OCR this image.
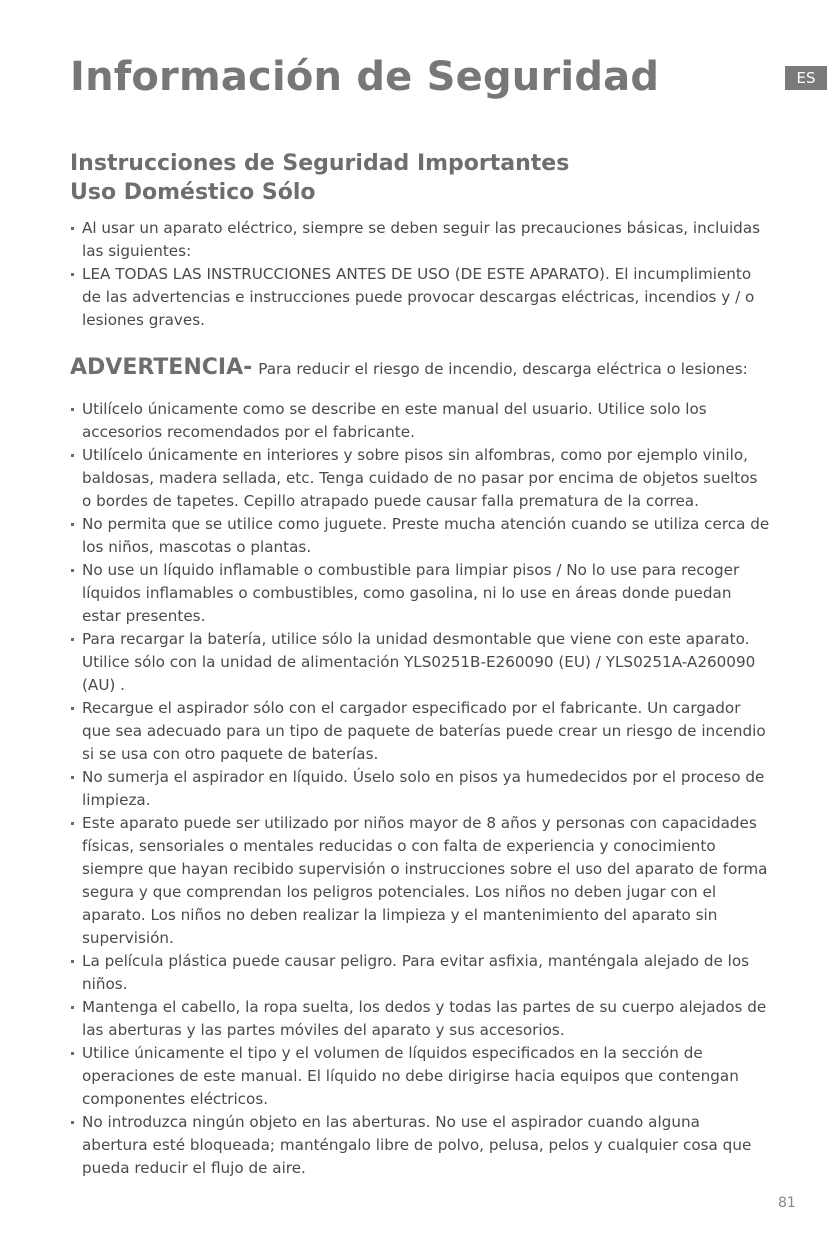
Información de Seguridad	ES
Instrucciones de Seguridad Importantes
Uso Doméstico Sólo
Al usar un aparato eléctrico, siempre se deben seguir las precauciones básicas, incluidas las siguientes:
LEA TODAS LAS INSTRUCCIONES ANTES DE USO (DE ESTE APARATO). El incumplimiento de las advertencias e instrucciones puede provocar descargas eléctricas, incendios y / o lesiones graves.
ADVERTENCIA- Para reducir el riesgo de incendio, descarga eléctrica o lesiones:
Utilícelo únicamente como se describe en este manual del usuario. Utilice solo los accesorios recomendados por el fabricante.
Utilícelo únicamente en interiores y sobre pisos sin alfombras, como por ejemplo vinilo, baldosas, madera sellada, etc. Tenga cuidado de no pasar por encima de objetos sueltos o bordes de tapetes. Cepillo atrapado puede causar falla prematura de la correa.
No permita que se utilice como juguete. Preste mucha atención cuando se utiliza cerca de los niños, mascotas o plantas.
No use un líquido inflamable o combustible para limpiar pisos / No lo use para recoger líquidos inflamables o combustibles, como gasolina, ni lo use en áreas donde puedan estar presentes.
Para recargar la batería, utilice sólo la unidad desmontable que viene con este aparato. Utilice sólo con la unidad de alimentación YLS0251B-E260090 (EU) / YLS0251A-A260090 (AU) .
Recargue el aspirador sólo con el cargador especificado por el fabricante. Un cargador que sea adecuado para un tipo de paquete de baterías puede crear un riesgo de incendio si se usa con otro paquete de baterías.
No sumerja el aspirador en líquido. Úselo solo en pisos ya humedecidos por el proceso de limpieza.
Este aparato puede ser utilizado por niños mayor de 8 años y personas con capacidades físicas, sensoriales o mentales reducidas o con falta de experiencia y conocimiento siempre que hayan recibido supervisión o instrucciones sobre el uso del aparato de forma segura y que comprendan los peligros potenciales. Los niños no deben jugar con el aparato. Los niños no deben realizar la limpieza y el mantenimiento del aparato sin supervisión.
La película plástica puede causar peligro. Para evitar asfixia, manténgala alejado de los niños.
Mantenga el cabello, la ropa suelta, los dedos y todas las partes de su cuerpo alejados de las aberturas y las partes móviles del aparato y sus accesorios.
Utilice únicamente el tipo y el volumen de líquidos especificados en la sección de operaciones de este manual. El líquido no debe dirigirse hacia equipos que contengan componentes eléctricos.
No introduzca ningún objeto en las aberturas. No use el aspirador cuando alguna abertura esté bloqueada; manténgalo libre de polvo, pelusa, pelos y cualquier cosa que pueda reducir el flujo de aire.
81
